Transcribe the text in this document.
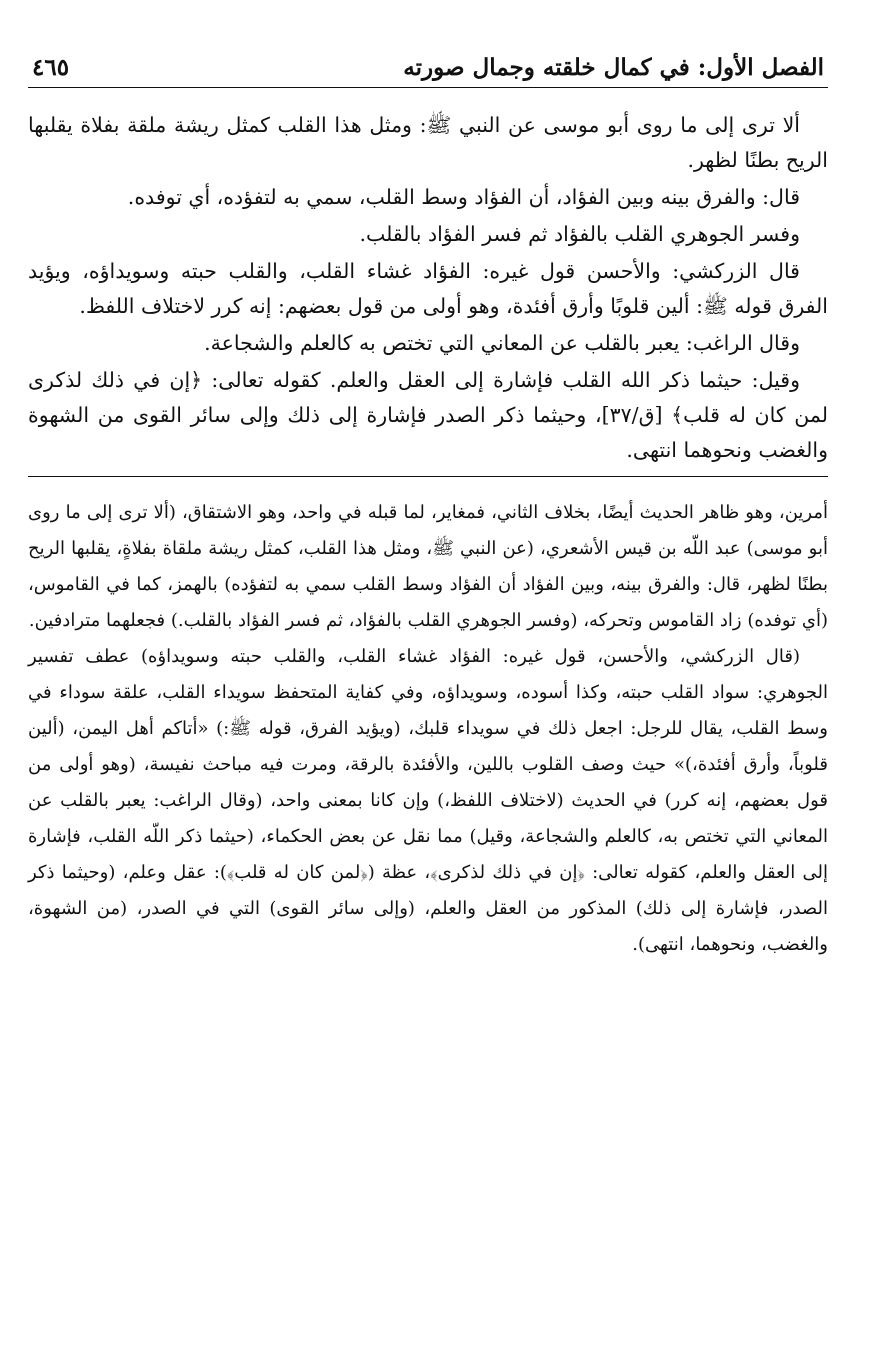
الفصل الأول: في كمال خلقته وجمال صورته
٤٦٥

ألا ترى إلى ما روى أبو موسى عن النبي ﷺ: ومثل هذا القلب كمثل ريشة ملقة بفلاة يقلبها الريح بطنًا لظهر.

قال: والفرق بينه وبين الفؤاد، أن الفؤاد وسط القلب، سمي به لتفؤده، أي توفده.

وفسر الجوهري القلب بالفؤاد ثم فسر الفؤاد بالقلب.

قال الزركشي: والأحسن قول غيره: الفؤاد غشاء القلب، والقلب حبته وسويداؤه، ويؤيد الفرق قوله ﷺ: ألين قلوبًا وأرق أفئدة، وهو أولى من قول بعضهم: إنه كرر لاختلاف اللفظ.

وقال الراغب: يعبر بالقلب عن المعاني التي تختص به كالعلم والشجاعة.

وقيل: حيثما ذكر الله القلب فإشارة إلى العقل والعلم. كقوله تعالى: ﴿إن في ذلك لذكرى لمن كان له قلب﴾ [ق/٣٧]، وحيثما ذكر الصدر فإشارة إلى ذلك وإلى سائر القوى من الشهوة والغضب ونحوهما انتهى.

أمرين، وهو ظاهر الحديث أيضًا، بخلاف الثاني، فمغاير، لما قبله في واحد، وهو الاشتقاق، (ألا ترى إلى ما روى أبو موسى) عبد اللّه بن قيس الأشعري، (عن النبي ﷺ، ومثل هذا القلب، كمثل ريشة ملقاة بفلاةٍ، يقلبها الريح بطنًا لظهر، قال: والفرق بينه، وبين الفؤاد أن الفؤاد وسط القلب سمي به لتفؤده) بالهمز، كما في القاموس، (أي توفده) زاد القاموس وتحركه، (وفسر الجوهري القلب بالفؤاد، ثم فسر الفؤاد بالقلب.) فجعلهما مترادفين.

(قال الزركشي، والأحسن، قول غيره: الفؤاد غشاء القلب، والقلب حبته وسويداؤه) عطف تفسير الجوهري: سواد القلب حبته، وكذا أسوده، وسويداؤه، وفي كفاية المتحفظ سويداء القلب، علقة سوداء في وسط القلب، يقال للرجل: اجعل ذلك في سويداء قلبك، (ويؤيد الفرق، قوله ﷺ:) «أتاكم أهل اليمن، (ألين قلوباً، وأرق أفئدة،)» حيث وصف القلوب باللين، والأفئدة بالرقة، ومرت فيه مباحث نفيسة، (وهو أولى من قول بعضهم، إنه كرر) في الحديث (لاختلاف اللفظ،) وإن كانا بمعنى واحد، (وقال الراغب: يعبر بالقلب عن المعاني التي تختص به، كالعلم والشجاعة، وقيل) مما نقل عن بعض الحكماء، (حيثما ذكر اللّه القلب، فإشارة إلى العقل والعلم، كقوله تعالى: ﴿إن في ذلك لذكرى﴾، عظة (﴿لمن كان له قلب﴾): عقل وعلم، (وحيثما ذكر الصدر، فإشارة إلى ذلك) المذكور من العقل والعلم، (وإلى سائر القوى) التي في الصدر، (من الشهوة، والغضب، ونحوهما، انتهى).
